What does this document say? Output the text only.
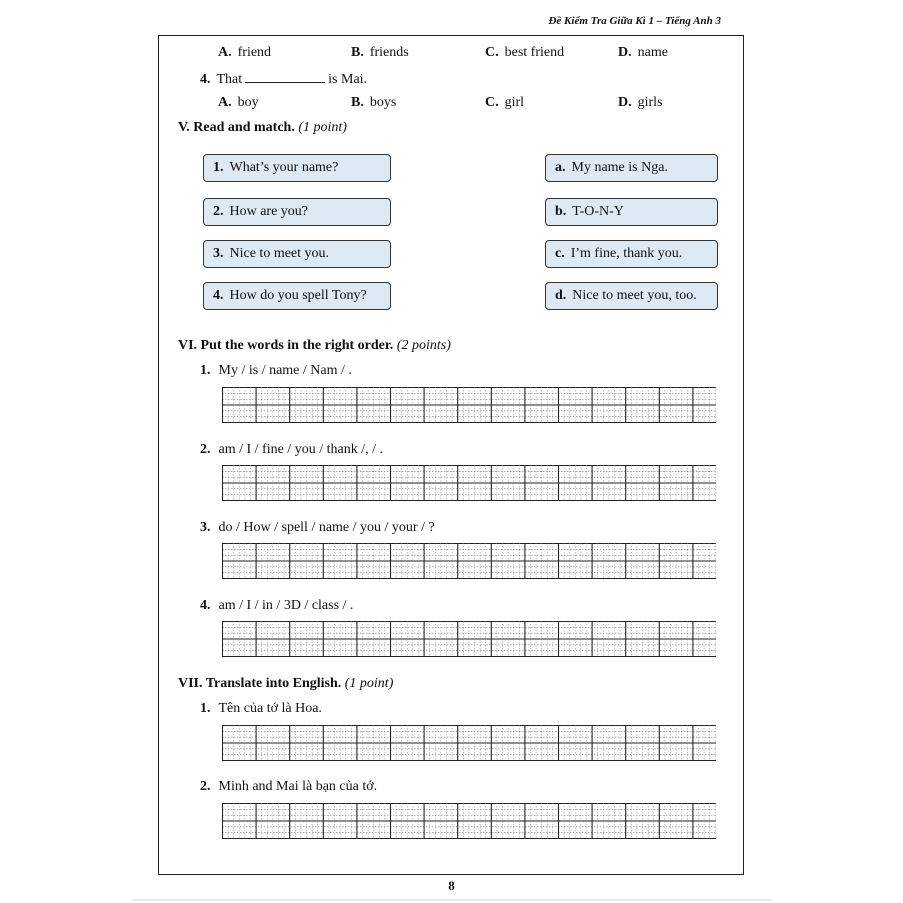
Đề Kiểm Tra Giữa Kì 1 – Tiếng Anh 3
A. friend	B. friends	C. best friend	D. name
4. That	is Mai.
A. boy	B. boys	C. girl	D. girls
V. Read and match. (1 point)
1. What’s your name?
2. How are you?
3. Nice to meet you.
4. How do you spell Tony?
a. My name is Nga.
b. T-O-N-Y
c. I’m fine, thank you.
d. Nice to meet you, too.
VI. Put the words in the right order. (2 points)
1. My / is / name / Nam / .
2. am / I / fine / you / thank /, / .
3. do / How / spell / name / you / your / ?
4. am / I / in / 3D / class / .
VII. Translate into English. (1 point)
1. Tên của tớ là Hoa.
2. Minh and Mai là bạn của tớ.
8
